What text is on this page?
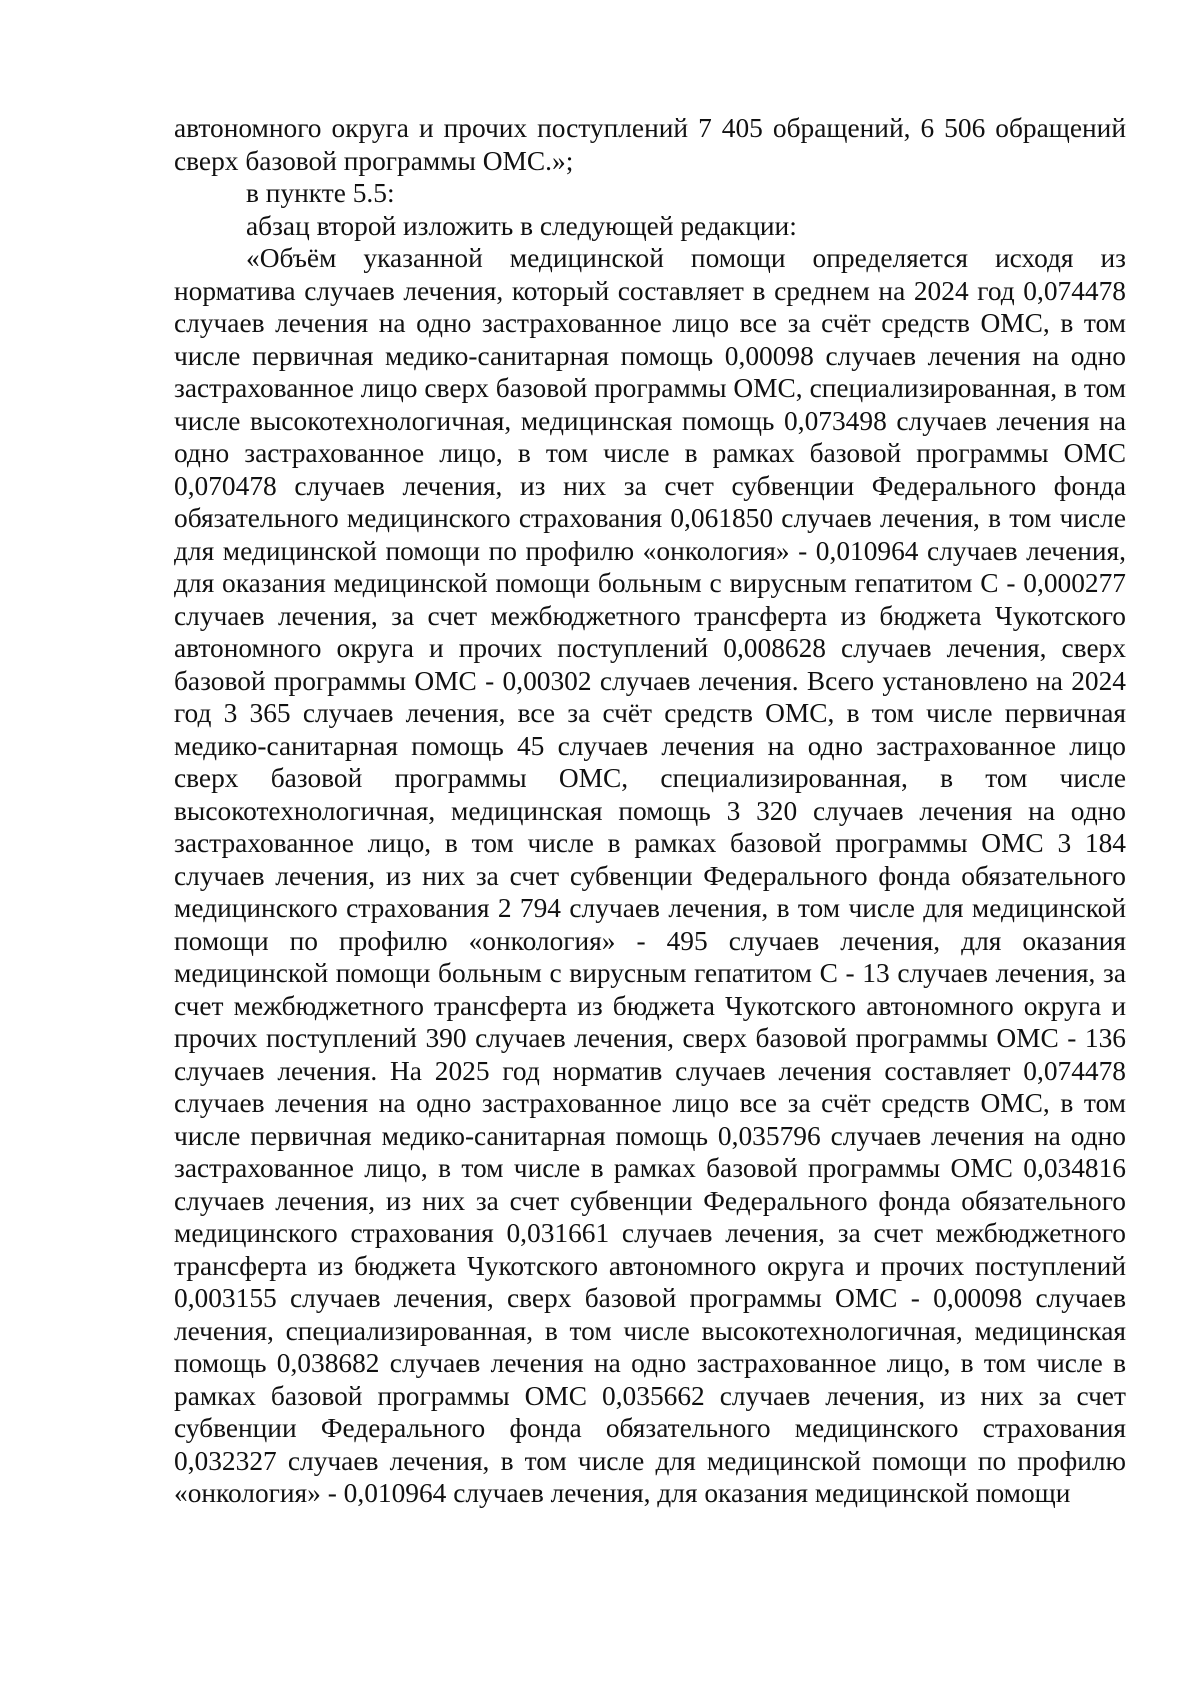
автономного округа и прочих поступлений 7 405 обращений, 6 506 обращений сверх базовой программы ОМС.»;

в пункте 5.5:

абзац второй изложить в следующей редакции:

«Объём указанной медицинской помощи определяется исходя из норматива случаев лечения, который составляет в среднем на 2024 год 0,074478 случаев лечения на одно застрахованное лицо все за счёт средств ОМС, в том числе первичная медико-санитарная помощь 0,00098 случаев лечения на одно застрахованное лицо сверх базовой программы ОМС, специализированная, в том числе высокотехнологичная, медицинская помощь 0,073498 случаев лечения на одно застрахованное лицо, в том числе в рамках базовой программы ОМС 0,070478 случаев лечения, из них за счет субвенции Федерального фонда обязательного медицинского страхования 0,061850 случаев лечения, в том числе для медицинской помощи по профилю «онкология» - 0,010964 случаев лечения, для оказания медицинской помощи больным с вирусным гепатитом С - 0,000277 случаев лечения, за счет межбюджетного трансферта из бюджета Чукотского автономного округа и прочих поступлений 0,008628 случаев лечения, сверх базовой программы ОМС - 0,00302 случаев лечения. Всего установлено на 2024 год 3 365 случаев лечения, все за счёт средств ОМС, в том числе первичная медико-санитарная помощь 45 случаев лечения на одно застрахованное лицо сверх базовой программы ОМС, специализированная, в том числе высокотехнологичная, медицинская помощь 3 320 случаев лечения на одно застрахованное лицо, в том числе в рамках базовой программы ОМС 3 184 случаев лечения, из них за счет субвенции Федерального фонда обязательного медицинского страхования 2 794 случаев лечения, в том числе для медицинской помощи по профилю «онкология» - 495 случаев лечения, для оказания медицинской помощи больным с вирусным гепатитом С - 13 случаев лечения, за счет межбюджетного трансферта из бюджета Чукотского автономного округа и прочих поступлений 390 случаев лечения, сверх базовой программы ОМС - 136 случаев лечения. На 2025 год норматив случаев лечения составляет 0,074478 случаев лечения на одно застрахованное лицо все за счёт средств ОМС, в том числе первичная медико-санитарная помощь 0,035796 случаев лечения на одно застрахованное лицо, в том числе в рамках базовой программы ОМС 0,034816 случаев лечения, из них за счет субвенции Федерального фонда обязательного медицинского страхования 0,031661 случаев лечения, за счет межбюджетного трансферта из бюджета Чукотского автономного округа и прочих поступлений 0,003155 случаев лечения, сверх базовой программы ОМС - 0,00098 случаев лечения, специализированная, в том числе высокотехнологичная, медицинская помощь 0,038682 случаев лечения на одно застрахованное лицо, в том числе в рамках базовой программы ОМС 0,035662 случаев лечения, из них за счет субвенции Федерального фонда обязательного медицинского страхования 0,032327 случаев лечения, в том числе для медицинской помощи по профилю «онкология» - 0,010964 случаев лечения, для оказания медицинской помощи
